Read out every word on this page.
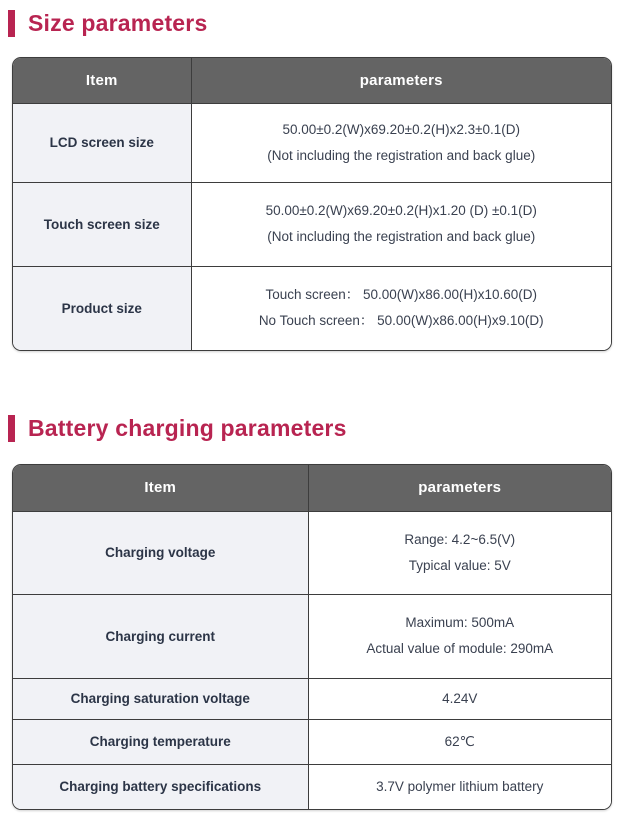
Size parameters
Item	parameters
LCD screen size	50.00±0.2(W)x69.20±0.2(H)x2.3±0.1(D)
(Not including the registration and back glue)

Touch screen size	50.00±0.2(W)x69.20±0.2(H)x1.20 (D) ±0.1(D)
(Not including the registration and back glue)

Product size	Touch screen： 50.00(W)x86.00(H)x10.60(D)
No Touch screen： 50.00(W)x86.00(H)x9.10(D)
Battery charging parameters
Item	parameters
Charging voltage	Range: 4.2~6.5(V)
Typical value: 5V

Charging current	Maximum: 500mA
Actual value of module: 290mA

Charging saturation voltage	4.24V

Charging temperature	62℃

Charging battery specifications	3.7V polymer lithium battery
